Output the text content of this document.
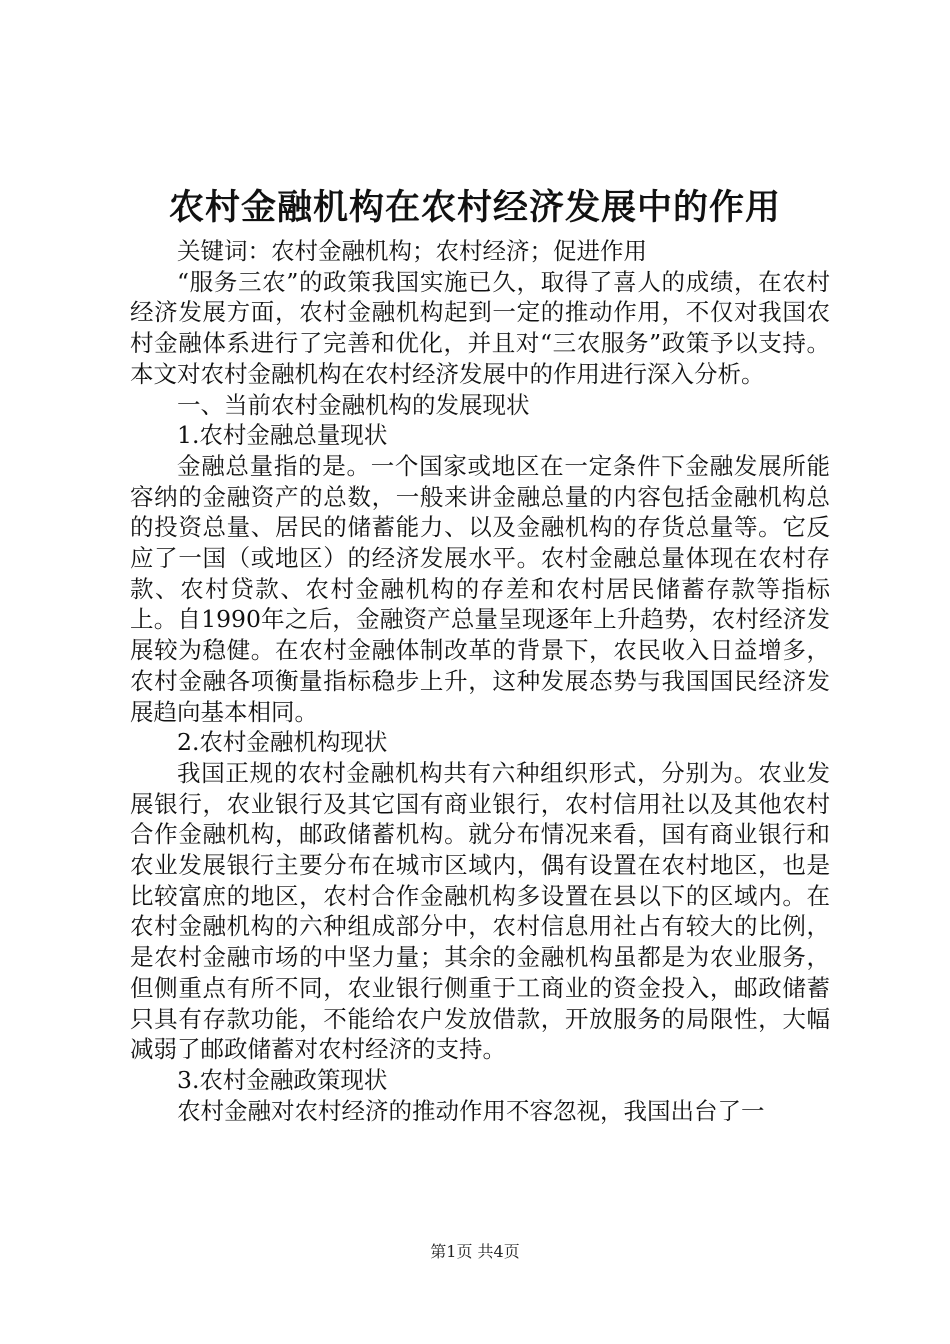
农村金融机构在农村经济发展中的作用

关键词：农村金融机构；农村经济；促进作用

“服务三农”的政策我国实施已久，取得了喜人的成绩，在农村经济发展方面，农村金融机构起到一定的推动作用，不仅对我国农村金融体系进行了完善和优化，并且对“三农服务”政策予以支持。本文对农村金融机构在农村经济发展中的作用进行深入分析。

一、当前农村金融机构的发展现状

1.农村金融总量现状

金融总量指的是。一个国家或地区在一定条件下金融发展所能容纳的金融资产的总数，一般来讲金融总量的内容包括金融机构总的投资总量、居民的储蓄能力、以及金融机构的存货总量等。它反应了一国（或地区）的经济发展水平。农村金融总量体现在农村存款、农村贷款、农村金融机构的存差和农村居民储蓄存款等指标上。自1990年之后，金融资产总量呈现逐年上升趋势，农村经济发展较为稳健。在农村金融体制改革的背景下，农民收入日益增多，农村金融各项衡量指标稳步上升，这种发展态势与我国国民经济发展趋向基本相同。

2.农村金融机构现状

我国正规的农村金融机构共有六种组织形式，分别为。农业发展银行，农业银行及其它国有商业银行，农村信用社以及其他农村合作金融机构，邮政储蓄机构。就分布情况来看，国有商业银行和农业发展银行主要分布在城市区域内，偶有设置在农村地区，也是比较富庶的地区，农村合作金融机构多设置在县以下的区域内。在农村金融机构的六种组成部分中，农村信息用社占有较大的比例，是农村金融市场的中坚力量；其余的金融机构虽都是为农业服务，但侧重点有所不同，农业银行侧重于工商业的资金投入，邮政储蓄只具有存款功能，不能给农户发放借款，开放服务的局限性，大幅减弱了邮政储蓄对农村经济的支持。

3.农村金融政策现状

农村金融对农村经济的推动作用不容忽视，我国出台了一

第1页 共4页
